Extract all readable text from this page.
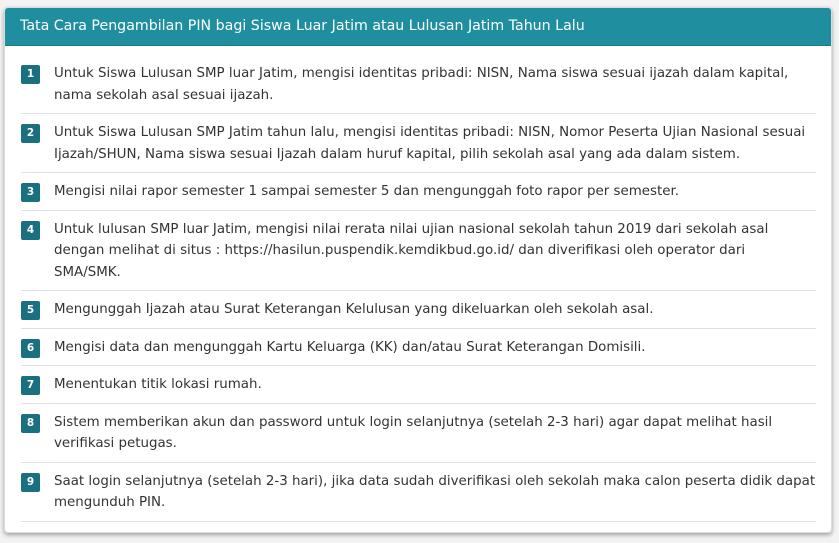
Tata Cara Pengambilan PIN bagi Siswa Luar Jatim atau Lulusan Jatim Tahun Lalu
1	Untuk Siswa Lulusan SMP luar Jatim, mengisi identitas pribadi: NISN, Nama siswa sesuai ijazah dalam kapital, nama sekolah asal sesuai ijazah.
2	Untuk Siswa Lulusan SMP Jatim tahun lalu, mengisi identitas pribadi: NISN, Nomor Peserta Ujian Nasional sesuai Ijazah/SHUN, Nama siswa sesuai Ijazah dalam huruf kapital, pilih sekolah asal yang ada dalam sistem.
3	Mengisi nilai rapor semester 1 sampai semester 5 dan mengunggah foto rapor per semester.
4	Untuk lulusan SMP luar Jatim, mengisi nilai rerata nilai ujian nasional sekolah tahun 2019 dari sekolah asal dengan melihat di situs : https://hasilun.puspendik.kemdikbud.go.id/ dan diverifikasi oleh operator dari SMA/SMK.
5	Mengunggah Ijazah atau Surat Keterangan Kelulusan yang dikeluarkan oleh sekolah asal.
6	Mengisi data dan mengunggah Kartu Keluarga (KK) dan/atau Surat Keterangan Domisili.
7	Menentukan titik lokasi rumah.
8	Sistem memberikan akun dan password untuk login selanjutnya (setelah 2-3 hari) agar dapat melihat hasil verifikasi petugas.
9	Saat login selanjutnya (setelah 2-3 hari), jika data sudah diverifikasi oleh sekolah maka calon peserta didik dapat mengunduh PIN.
